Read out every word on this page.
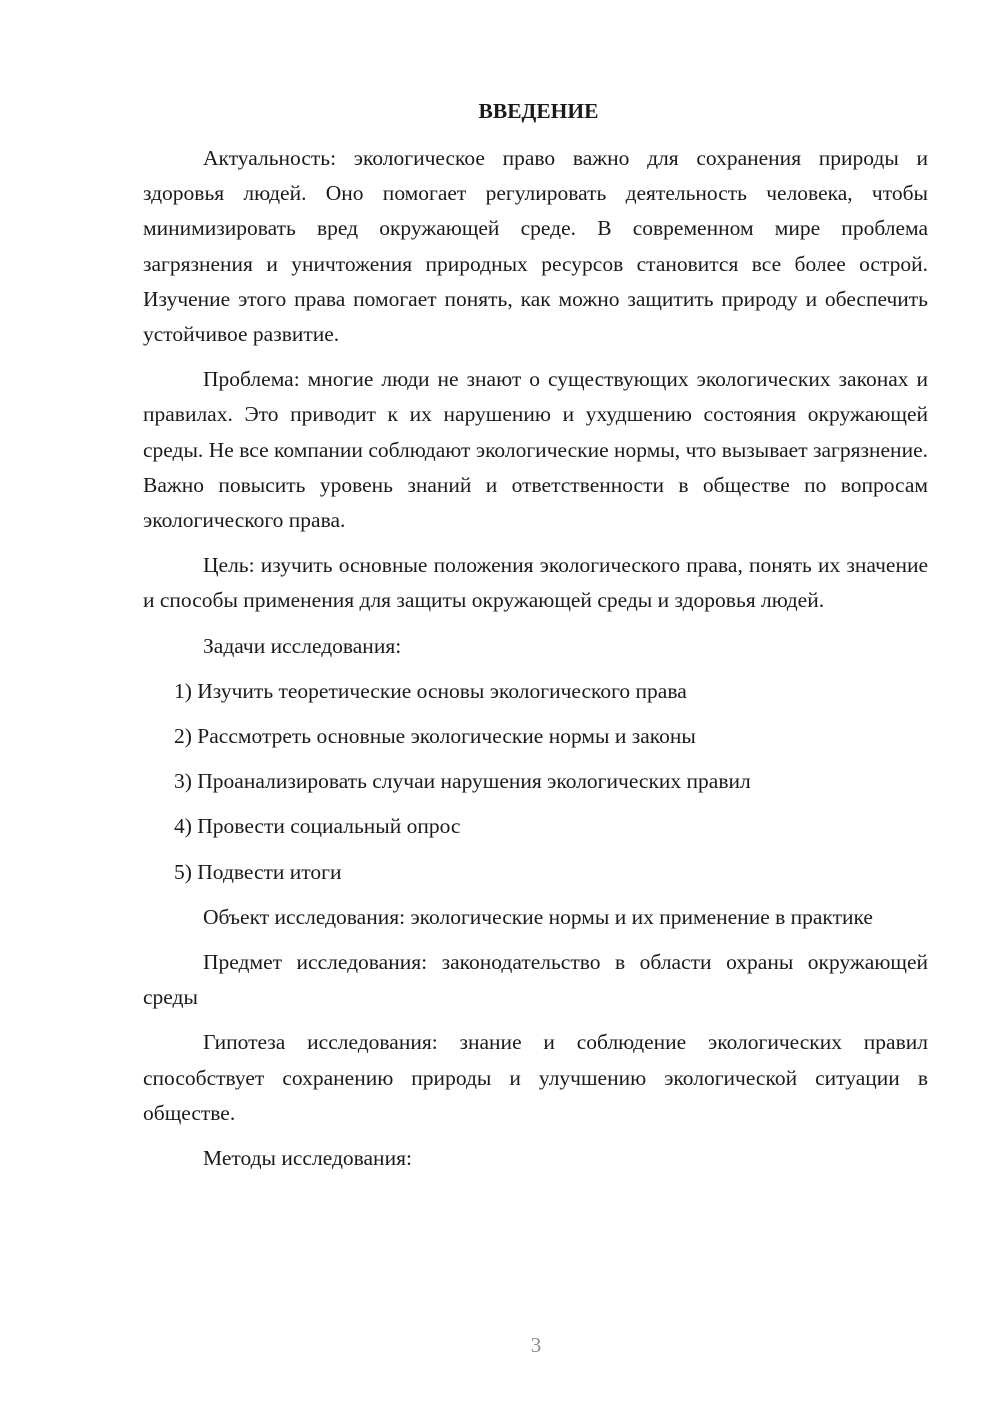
ВВЕДЕНИЕ

Актуальность: экологическое право важно для сохранения природы и здоровья людей. Оно помогает регулировать деятельность человека, чтобы минимизировать вред окружающей среде. В современном мире проблема загрязнения и уничтожения природных ресурсов становится все более острой. Изучение этого права помогает понять, как можно защитить природу и обеспечить устойчивое развитие.

Проблема: многие люди не знают о существующих экологических законах и правилах. Это приводит к их нарушению и ухудшению состояния окружающей среды. Не все компании соблюдают экологические нормы, что вызывает загрязнение. Важно повысить уровень знаний и ответственности в обществе по вопросам экологического права.

Цель: изучить основные положения экологического права, понять их значение и способы применения для защиты окружающей среды и здоровья людей.

Задачи исследования:

1) Изучить теоретические основы экологического права

2) Рассмотреть основные экологические нормы и законы

3) Проанализировать случаи нарушения экологических правил

4) Провести социальный опрос

5) Подвести итоги

Объект исследования: экологические нормы и их применение в практике

Предмет исследования: законодательство в области охраны окружающей среды

Гипотеза исследования: знание и соблюдение экологических правил способствует сохранению природы и улучшению экологической ситуации в обществе.

Методы исследования:

3
